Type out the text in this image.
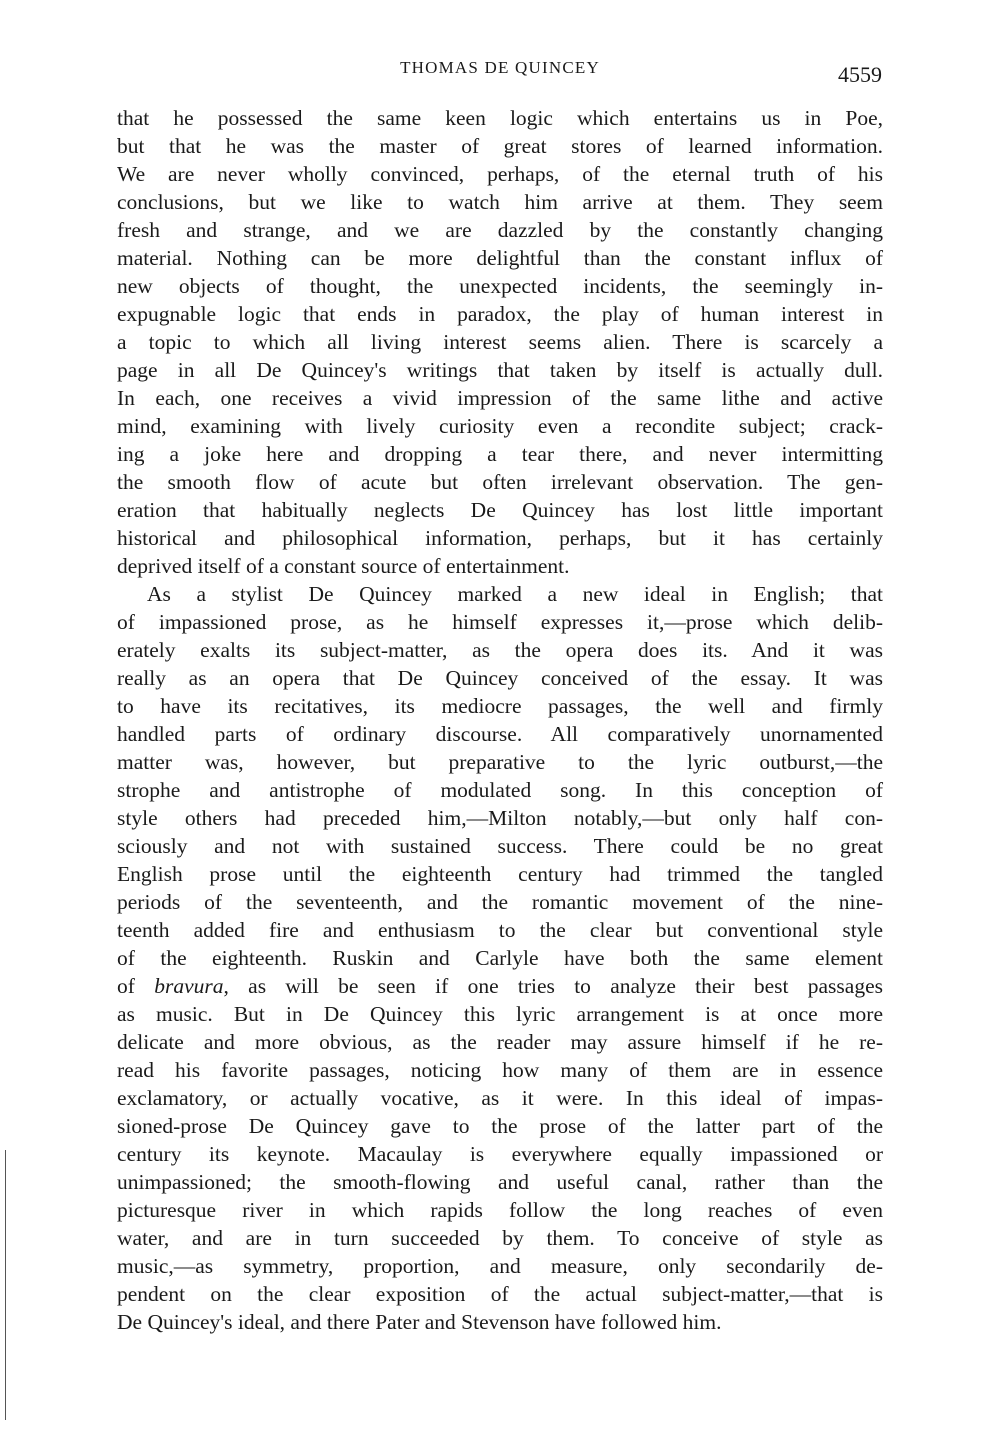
THOMAS DE QUINCEY	4559
that he possessed the same keen logic which entertains us in Poe,
but that he was the master of great stores of learned information.
We are never wholly convinced, perhaps, of the eternal truth of his
conclusions, but we like to watch him arrive at them. They seem
fresh and strange, and we are dazzled by the constantly changing
material. Nothing can be more delightful than the constant influx of
new objects of thought, the unexpected incidents, the seemingly in-
expugnable logic that ends in paradox, the play of human interest in
a topic to which all living interest seems alien. There is scarcely a
page in all De Quincey's writings that taken by itself is actually dull.
In each, one receives a vivid impression of the same lithe and active
mind, examining with lively curiosity even a recondite subject; crack-
ing a joke here and dropping a tear there, and never intermitting
the smooth flow of acute but often irrelevant observation. The gen-
eration that habitually neglects De Quincey has lost little important
historical and philosophical information, perhaps, but it has certainly
deprived itself of a constant source of entertainment.
As a stylist De Quincey marked a new ideal in English; that
of impassioned prose, as he himself expresses it,—prose which delib-
erately exalts its subject-matter, as the opera does its. And it was
really as an opera that De Quincey conceived of the essay. It was
to have its recitatives, its mediocre passages, the well and firmly
handled parts of ordinary discourse. All comparatively unornamented
matter was, however, but preparative to the lyric outburst,—the
strophe and antistrophe of modulated song. In this conception of
style others had preceded him,—Milton notably,—but only half con-
sciously and not with sustained success. There could be no great
English prose until the eighteenth century had trimmed the tangled
periods of the seventeenth, and the romantic movement of the nine-
teenth added fire and enthusiasm to the clear but conventional style
of the eighteenth. Ruskin and Carlyle have both the same element
of bravura, as will be seen if one tries to analyze their best passages
as music. But in De Quincey this lyric arrangement is at once more
delicate and more obvious, as the reader may assure himself if he re-
read his favorite passages, noticing how many of them are in essence
exclamatory, or actually vocative, as it were. In this ideal of impas-
sioned-prose De Quincey gave to the prose of the latter part of the
century its keynote. Macaulay is everywhere equally impassioned or
unimpassioned; the smooth-flowing and useful canal, rather than the
picturesque river in which rapids follow the long reaches of even
water, and are in turn succeeded by them. To conceive of style as
music,—as symmetry, proportion, and measure, only secondarily de-
pendent on the clear exposition of the actual subject-matter,—that is
De Quincey's ideal, and there Pater and Stevenson have followed him.
